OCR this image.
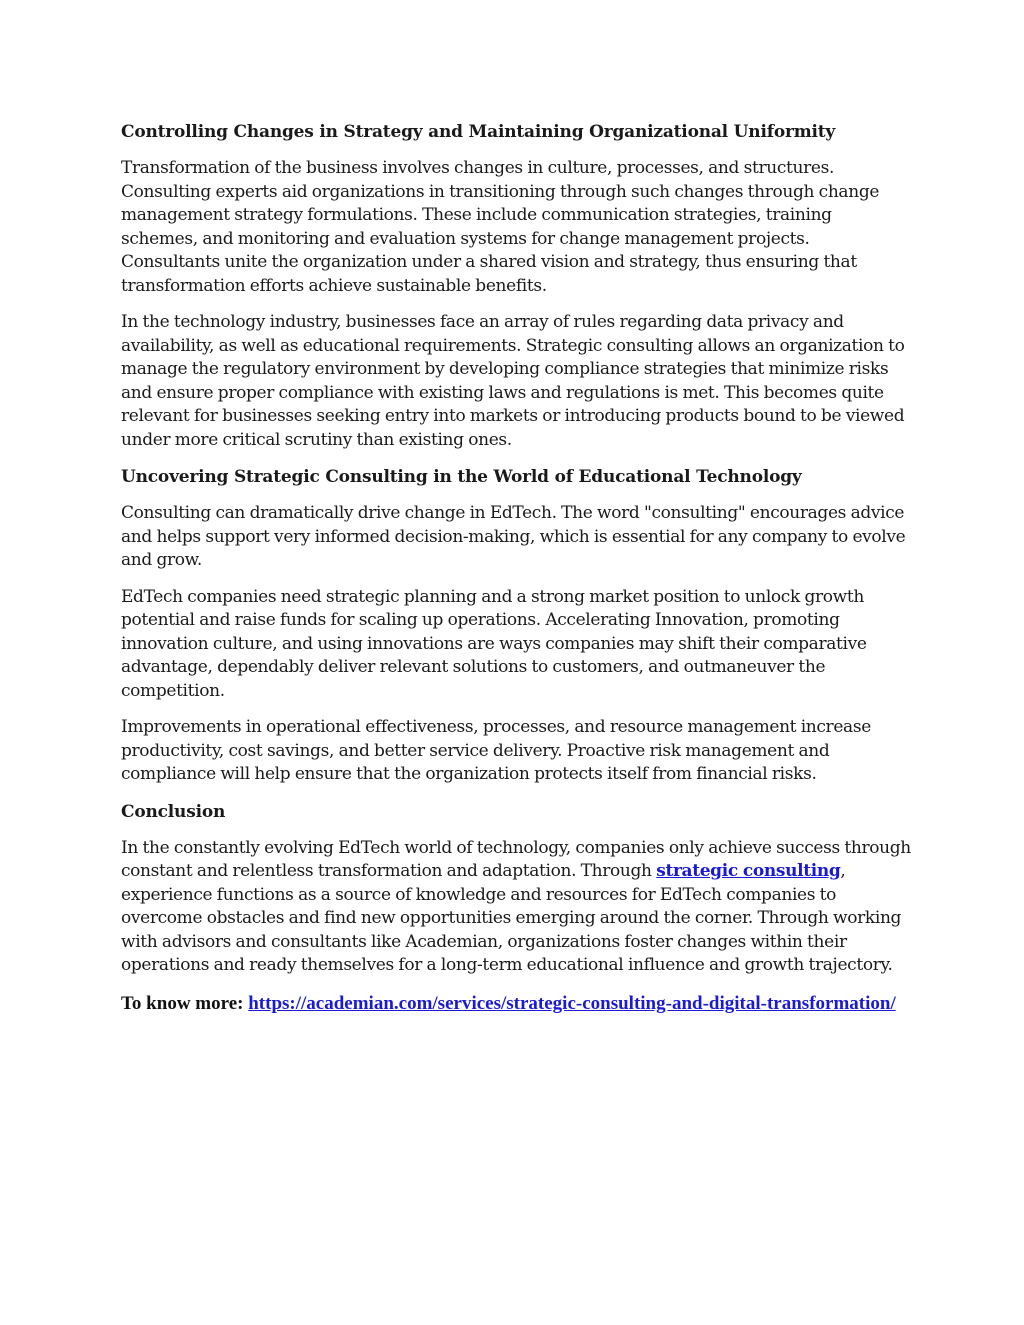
Controlling Changes in Strategy and Maintaining Organizational Uniformity

Transformation of the business involves changes in culture, processes, and structures. Consulting experts aid organizations in transitioning through such changes through change management strategy formulations. These include communication strategies, training schemes, and monitoring and evaluation systems for change management projects. Consultants unite the organization under a shared vision and strategy, thus ensuring that transformation efforts achieve sustainable benefits.

In the technology industry, businesses face an array of rules regarding data privacy and availability, as well as educational requirements. Strategic consulting allows an organization to manage the regulatory environment by developing compliance strategies that minimize risks and ensure proper compliance with existing laws and regulations is met. This becomes quite relevant for businesses seeking entry into markets or introducing products bound to be viewed under more critical scrutiny than existing ones.

Uncovering Strategic Consulting in the World of Educational Technology

Consulting can dramatically drive change in EdTech. The word "consulting" encourages advice and helps support very informed decision-making, which is essential for any company to evolve and grow.

EdTech companies need strategic planning and a strong market position to unlock growth potential and raise funds for scaling up operations. Accelerating Innovation, promoting innovation culture, and using innovations are ways companies may shift their comparative advantage, dependably deliver relevant solutions to customers, and outmaneuver the competition.

Improvements in operational effectiveness, processes, and resource management increase productivity, cost savings, and better service delivery. Proactive risk management and compliance will help ensure that the organization protects itself from financial risks.

Conclusion

In the constantly evolving EdTech world of technology, companies only achieve success through constant and relentless transformation and adaptation. Through strategic consulting, experience functions as a source of knowledge and resources for EdTech companies to overcome obstacles and find new opportunities emerging around the corner. Through working with advisors and consultants like Academian, organizations foster changes within their operations and ready themselves for a long-term educational influence and growth trajectory.

To know more: https://academian.com/services/strategic-consulting-and-digital-transformation/
